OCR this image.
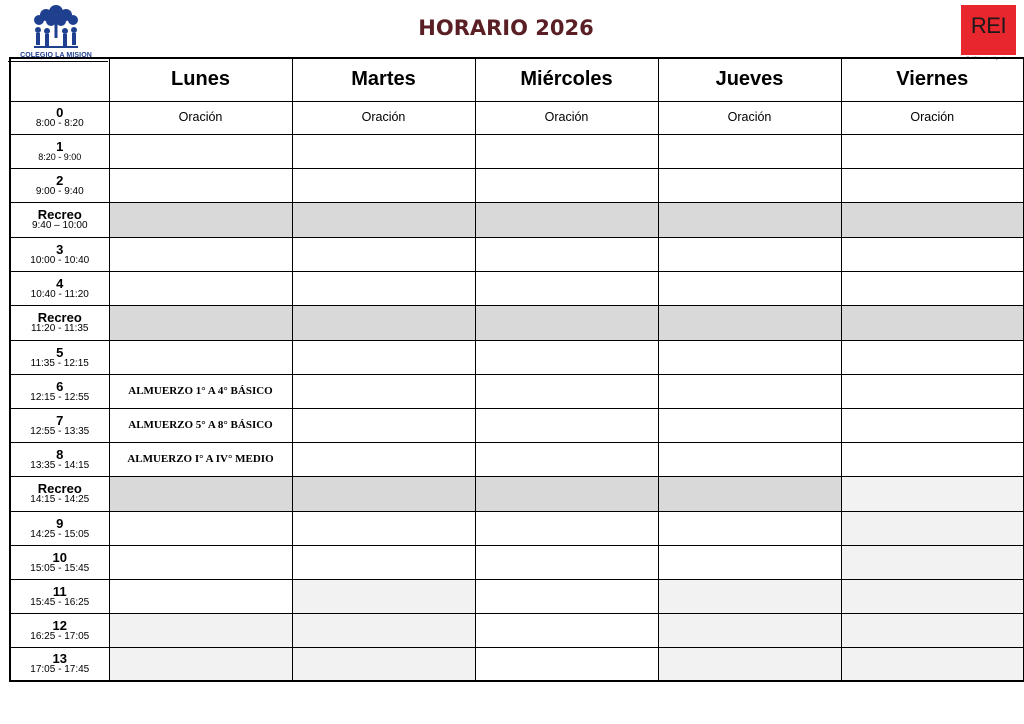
COLEGIO LA MISION
HORARIO 2026	REI
Red Educacional Ignaciana
	Lunes	Martes	Miércoles	Jueves	Viernes

0
8:00 - 8:20	Oración	Oración	Oración	Oración	Oración

1
8:20 - 9:00					

2
9:00 - 9:40					

Recreo
9:40 – 10:00					

3
10:00 - 10:40					

4
10:40 - 11:20					

Recreo
11:20 - 11:35					

5
11:35 - 12:15					

6
12:15 - 12:55	ALMUERZO 1° A 4° BÁSICO				

7
12:55 - 13:35	ALMUERZO 5° A 8° BÁSICO				

8
13:35 - 14:15	ALMUERZO I° A IV° MEDIO				

Recreo
14:15 - 14:25					

9
14:25 - 15:05					

10
15:05 - 15:45					

11
15:45 - 16:25					

12
16:25 - 17:05					

13
17:05 - 17:45					
